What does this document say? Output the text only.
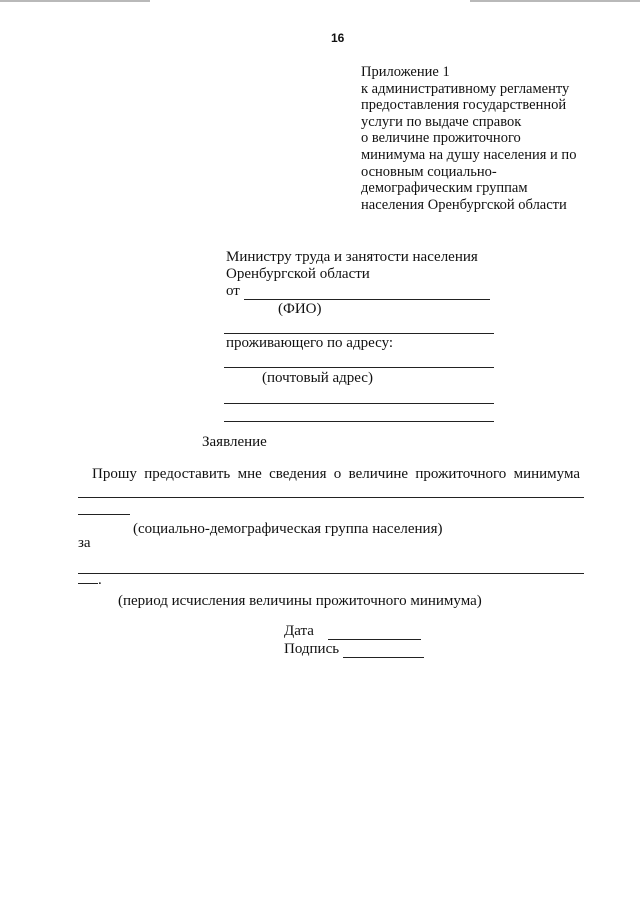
16
Приложение 1
к административному регламенту
предоставления государственной
услуги по выдаче справок
о величине прожиточного
минимума на душу населения и по
основным социально-
демографическим группам
населения Оренбургской области
Министру труда и занятости населения
Оренбургской области
от
(ФИО)
проживающего по адресу:
(почтовый адрес)
Заявление
Прошу предоставить мне сведения о величине прожиточного минимума
(социально-демографическая группа населения)
за
.
(период исчисления величины прожиточного минимума)
Дата
Подпись
